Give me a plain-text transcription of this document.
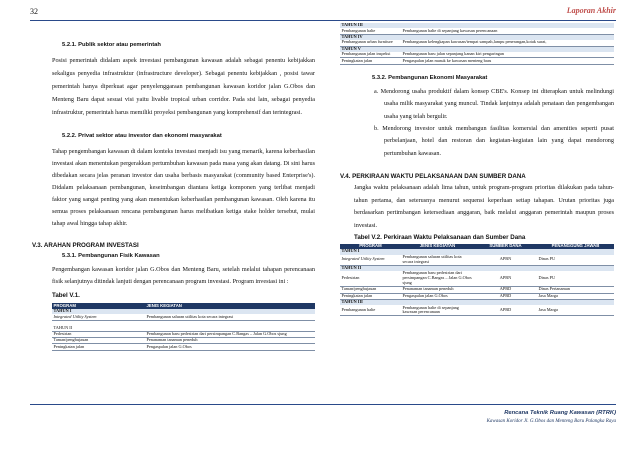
32	Laporan Akhir

5.2.1. Publik sektor atau pemerintah

Posisi pemerintah didalam aspek investasi pembangunan kawasan adalah sebagai penentu kebijakkan sekaligus penyedia infrastruktur (infrastructure developer). Sebagai penentu kebijakkan , posisi tawar pemerintah hanya diperkuat agar penyelenggaraan pembangunan kawasan koridor jalan G.Obos dan Menteng Baru dapat sesuai visi yaitu livable tropical urban corridor. Pada sisi lain, sebagai penyedia infrastruktur, pemerintah harus memiliki proyeksi pembangunan yang komprehensif dan terintegrasi.

5.2.2. Privat sektor atau investor dan ekonomi masyarakat

Tahap pengembangan kawasan di dalam konteks investasi menjadi isu yang menarik, karena keberhasilan investasi akan menentukan pergerakkan pertumbuhan kawasan pada masa yang akan datang. Di sini harus dibedakan secara jelas peranan investor dan usaha berbasis masyarakat (community based Enterprise's). Didalam pelaksanaan pembangunan, keseimbangan diantara ketiga komponen yang terlibat menjadi faktor yang sangat penting yang akan menentukan keberhasilan pembangunan kawasan. Oleh karena itu semua proses pelaksanaan rencana pembangunan harus melibatkan ketiga stake holder tersebut, mulai tahap awal hingga tahap akhir.

V.3. ARAHAN PROGRAM INVESTASI

5.3.1. Pembangunan Fisik Kawasan

Pengembangan kawasan koridor jalan G.Obos dan Menteng Baru, setelah melalui tahapan perencanaan fisik selanjutnya ditindak lanjuti dengan perencanaan program investasi. Program investasi ini :

Tabel V.1.

PROGRAM	JENIS KEGIATAN
TAHUN I	
Integrated Utility System	Pembangunan saluran utilitas kota secara integrasi

TAHUN II	
Pedestrian	Pembangunan baru pedestrian dari persimpangan C.Bangas – Jalan G.Obos sjung
Taman/penghujauan	Penanaman tanaman peneduh
Peningkatan jalan	Pengaspalan jalan G.Obos
TAHUN III	
Pembangunan halte	Pembangunan halte di sepanjang kawasan perencanaan
TAHUN IV	
Pembangunan urban furniture	Pembangunan kelengkapan kawasan/tempat sampah,lampu penerangan,kotak surat,
TAHUN V	
Pembangunan jalan inspeksi	Pembangunan baru jalan sepanjang kanan kiri pengaringan
Peningkatan jalan	Pengaspalan jalan masuk ke kawasan menteng baru

5.3.2. Pembangunan Ekonomi Masyarakat

a. Mendorong usaha produktif dalam konsep CBE's. Konsep ini diterapkan untuk melindungi usaha milik masyarakat yang muncul. Tindak lanjutnya adalah penataan dan pengembangan usaha yang telah bergulir.

b. Mendorong investor untuk membangun fasilitas komersial dan amenities seperti pusat perbelanjaan, hotel dan restoran dan kegiatan-kegiatan lain yang dapat mendorong pertumbuhan kawasan.

V.4. PERKIRAAN WAKTU PELAKSANAAN DAN SUMBER DANA

Jangka waktu pelaksanaan adalah lima tahun, untuk program-program prioritas dilakukan pada tahun-tahun pertama, dan seterusnya menurut sequensi keperluan setiap tahapan. Urutan prioritas juga berdasarkan pertimbangan ketersediaan anggaran, baik melalui anggaran pemerintah maupun proses investasi.

Tabel V.2. Perkiraan Waktu Pelaksanaan dan Sumber Dana

PROGRAM	JENIS KEGIATAN	SUMBER DANA	PENANGGUNG JAWAB
TAHUN I			
Integrated Utility System	Pembangunan saluran utilitas kota secara integrasi	APBN	Dinas PU
TAHUN II			
Pedestrian	Pembangunan baru pedestrian dari persimpangan C.Bangas – Jalan G.Obos sjung	APBN	Dinas PU
Taman/penghujauan	Penanaman tanaman peneduh	APBD	Dinas Pertanaman
Peningkatan jalan	Pengaspalan jalan G.Obos	APBD	Jasa Marga
TAHUN III			
Pembangunan halte	Pembangunan halte di sepanjang kawasan perencanaan	APBD	Jasa Marga
Rencana Teknik Ruang Kawasan (RTRK)
Kawasan Koridor Jl. G.Obos dan Menteng Baru Palangka Raya
